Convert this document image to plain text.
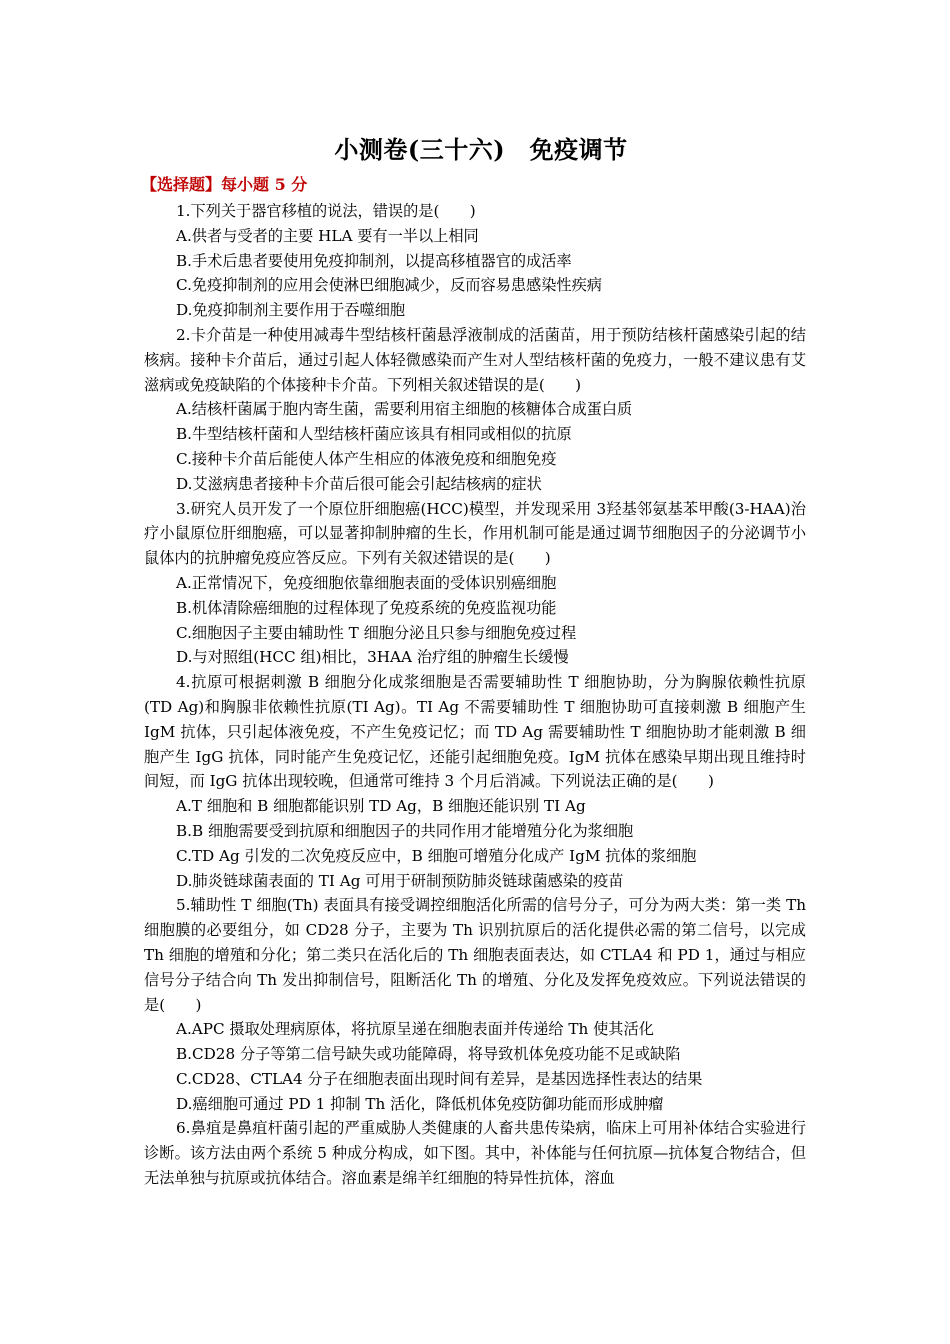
小测卷(三十六)　免疫调节
【选择题】每小题 5 分

1.下列关于器官移植的说法，错误的是(　　)

A.供者与受者的主要 HLA 要有一半以上相同

B.手术后患者要使用免疫抑制剂，以提高移植器官的成活率

C.免疫抑制剂的应用会使淋巴细胞减少，反而容易患感染性疾病

D.免疫抑制剂主要作用于吞噬细胞

2.卡介苗是一种使用减毒牛型结核杆菌悬浮液制成的活菌苗，用于预防结核杆菌感染引起的结核病。接种卡介苗后，通过引起人体轻微感染而产生对人型结核杆菌的免疫力，一般不建议患有艾滋病或免疫缺陷的个体接种卡介苗。下列相关叙述错误的是(　　)

A.结核杆菌属于胞内寄生菌，需要利用宿主细胞的核糖体合成蛋白质

B.牛型结核杆菌和人型结核杆菌应该具有相同或相似的抗原

C.接种卡介苗后能使人体产生相应的体液免疫和细胞免疫

D.艾滋病患者接种卡介苗后很可能会引起结核病的症状

3.研究人员开发了一个原位肝细胞癌(HCC)模型，并发现采用 3羟基邻氨基苯甲酸(3-HAA)治疗小鼠原位肝细胞癌，可以显著抑制肿瘤的生长，作用机制可能是通过调节细胞因子的分泌调节小鼠体内的抗肿瘤免疫应答反应。下列有关叙述错误的是(　　)

A.正常情况下，免疫细胞依靠细胞表面的受体识别癌细胞

B.机体清除癌细胞的过程体现了免疫系统的免疫监视功能

C.细胞因子主要由辅助性 T 细胞分泌且只参与细胞免疫过程

D.与对照组(HCC 组)相比，3HAA 治疗组的肿瘤生长缓慢

4.抗原可根据刺激 B 细胞分化成浆细胞是否需要辅助性 T 细胞协助，分为胸腺依赖性抗原(TD Ag)和胸腺非依赖性抗原(TI Ag)。TI Ag 不需要辅助性 T 细胞协助可直接刺激 B 细胞产生 IgM 抗体，只引起体液免疫，不产生免疫记忆；而 TD Ag 需要辅助性 T 细胞协助才能刺激 B 细胞产生 IgG 抗体，同时能产生免疫记忆，还能引起细胞免疫。IgM 抗体在感染早期出现且维持时间短，而 IgG 抗体出现较晚，但通常可维持 3 个月后消减。下列说法正确的是(　　)

A.T 细胞和 B 细胞都能识别 TD Ag，B 细胞还能识别 TI Ag

B.B 细胞需要受到抗原和细胞因子的共同作用才能增殖分化为浆细胞

C.TD Ag 引发的二次免疫反应中，B 细胞可增殖分化成产 IgM 抗体的浆细胞

D.肺炎链球菌表面的 TI Ag 可用于研制预防肺炎链球菌感染的疫苗

5.辅助性 T 细胞(Th) 表面具有接受调控细胞活化所需的信号分子，可分为两大类：第一类 Th 细胞膜的必要组分，如 CD28 分子，主要为 Th 识别抗原后的活化提供必需的第二信号，以完成 Th 细胞的增殖和分化；第二类只在活化后的 Th 细胞表面表达，如 CTLA4 和 PD 1，通过与相应信号分子结合向 Th 发出抑制信号，阻断活化 Th 的增殖、分化及发挥免疫效应。下列说法错误的是(　　)

A.APC 摄取处理病原体，将抗原呈递在细胞表面并传递给 Th 使其活化

B.CD28 分子等第二信号缺失或功能障碍，将导致机体免疫功能不足或缺陷

C.CD28、CTLA4 分子在细胞表面出现时间有差异，是基因选择性表达的结果

D.癌细胞可通过 PD 1 抑制 Th 活化，降低机体免疫防御功能而形成肿瘤

6.鼻疽是鼻疽杆菌引起的严重威胁人类健康的人畜共患传染病，临床上可用补体结合实验进行诊断。该方法由两个系统 5 种成分构成，如下图。其中，补体能与任何抗原—抗体复合物结合，但无法单独与抗原或抗体结合。溶血素是绵羊红细胞的特异性抗体，溶血
